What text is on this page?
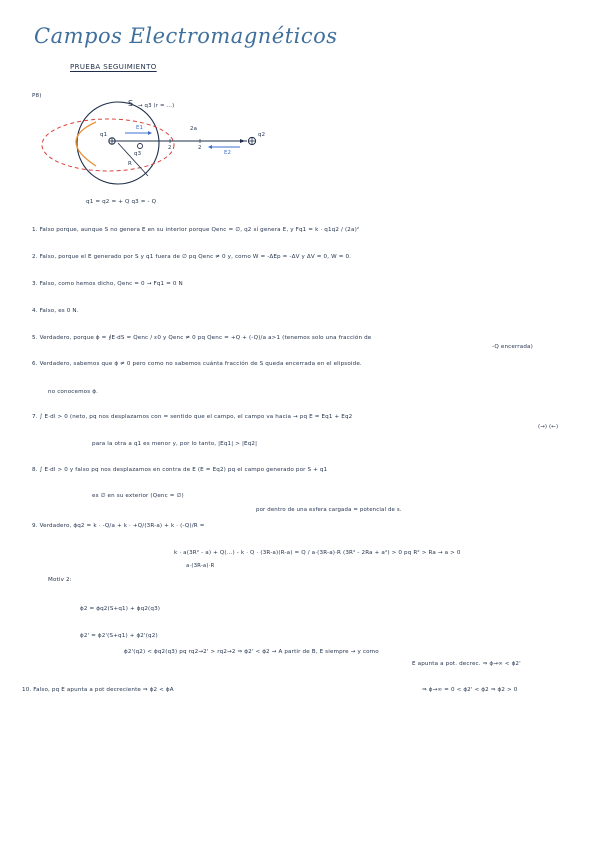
Campos Electromagnéticos
PRUEBA SEGUIMIENTO
P8)
S → q3 (r = ...)
q1	q2
q3
2	2
2a
R
E1
E2
q1 = q2 = + Q q3 = - Q
1. Falso porque, aunque S no genera E en su interior porque Qenc = ∅, q2 sí genera E, y Fq1 = k · q1q2 / (2a)²
2. Falso, porque el E generado por S y q1 fuera de ∅ pq Qenc ≠ 0 y, como W = -ΔEp = -ΔV y ΔV = 0, W = 0.
3. Falso, como hemos dicho, Qenc = 0 → Fq1 = 0 N
4. Falso, es 0 N.
5. Verdadero, porque ϕ = ∮E·dS = Qenc / ε0 y Qenc ≠ 0 pq Qenc = +Q + (-Q)/a a>1 (tenemos solo una fracción de
-Q encerrada)
6. Verdadero, sabemos que ϕ ≠ 0 pero como no sabemos cuánta fracción de S queda encerrada en el elipsoide.
no conocemos ϕ.
7. ∫ E·dl > 0 (neto, pq nos desplazamos con = sentido que el campo, el campo va hacia → pq E = Eq1 + Eq2
(→) (←)
para la otra a q1 es menor y, por lo tanto, |Eq1| > |Eq2|
8. ∫ E·dl > 0 y falso pq nos desplazamos en contra de E (E = Eq2) pq el campo generado por S + q1
es ∅ en su exterior (Qenc = ∅)
por dentro de una esfera cargada = potencial de s.
9. Verdadero, ϕq2 = k · -Q/a + k · +Q/(3R-a) + k · (-Q)/R =
k · a(3R² - a) + Q(...) - k · Q · (3R-a)(R-a) = Q / a·(3R-a)·R (3R² - 2Ra + a²) > 0 pq R² > Ra → a > 0
a·(3R-a)·R
Motiv 2:
ϕ2 = ϕq2(S+q1) + ϕq2(q3)
ϕ2' = ϕ2'(S+q1) + ϕ2'(q2)
ϕ2'(q2) < ϕq2(q3) pq rq2→2' > rq2→2 ⇒ ϕ2' < ϕ2 → A partir de B, E siempre → y como
E apunta a pot. decrec. ⇒ ϕ→∞ < ϕ2'
10. Falso, pq E apunta a pot decreciente ⇒ ϕ2 < ϕA	⇒ ϕ→∞ = 0 < ϕ2' < ϕ2 ⇒ ϕ2 > 0
